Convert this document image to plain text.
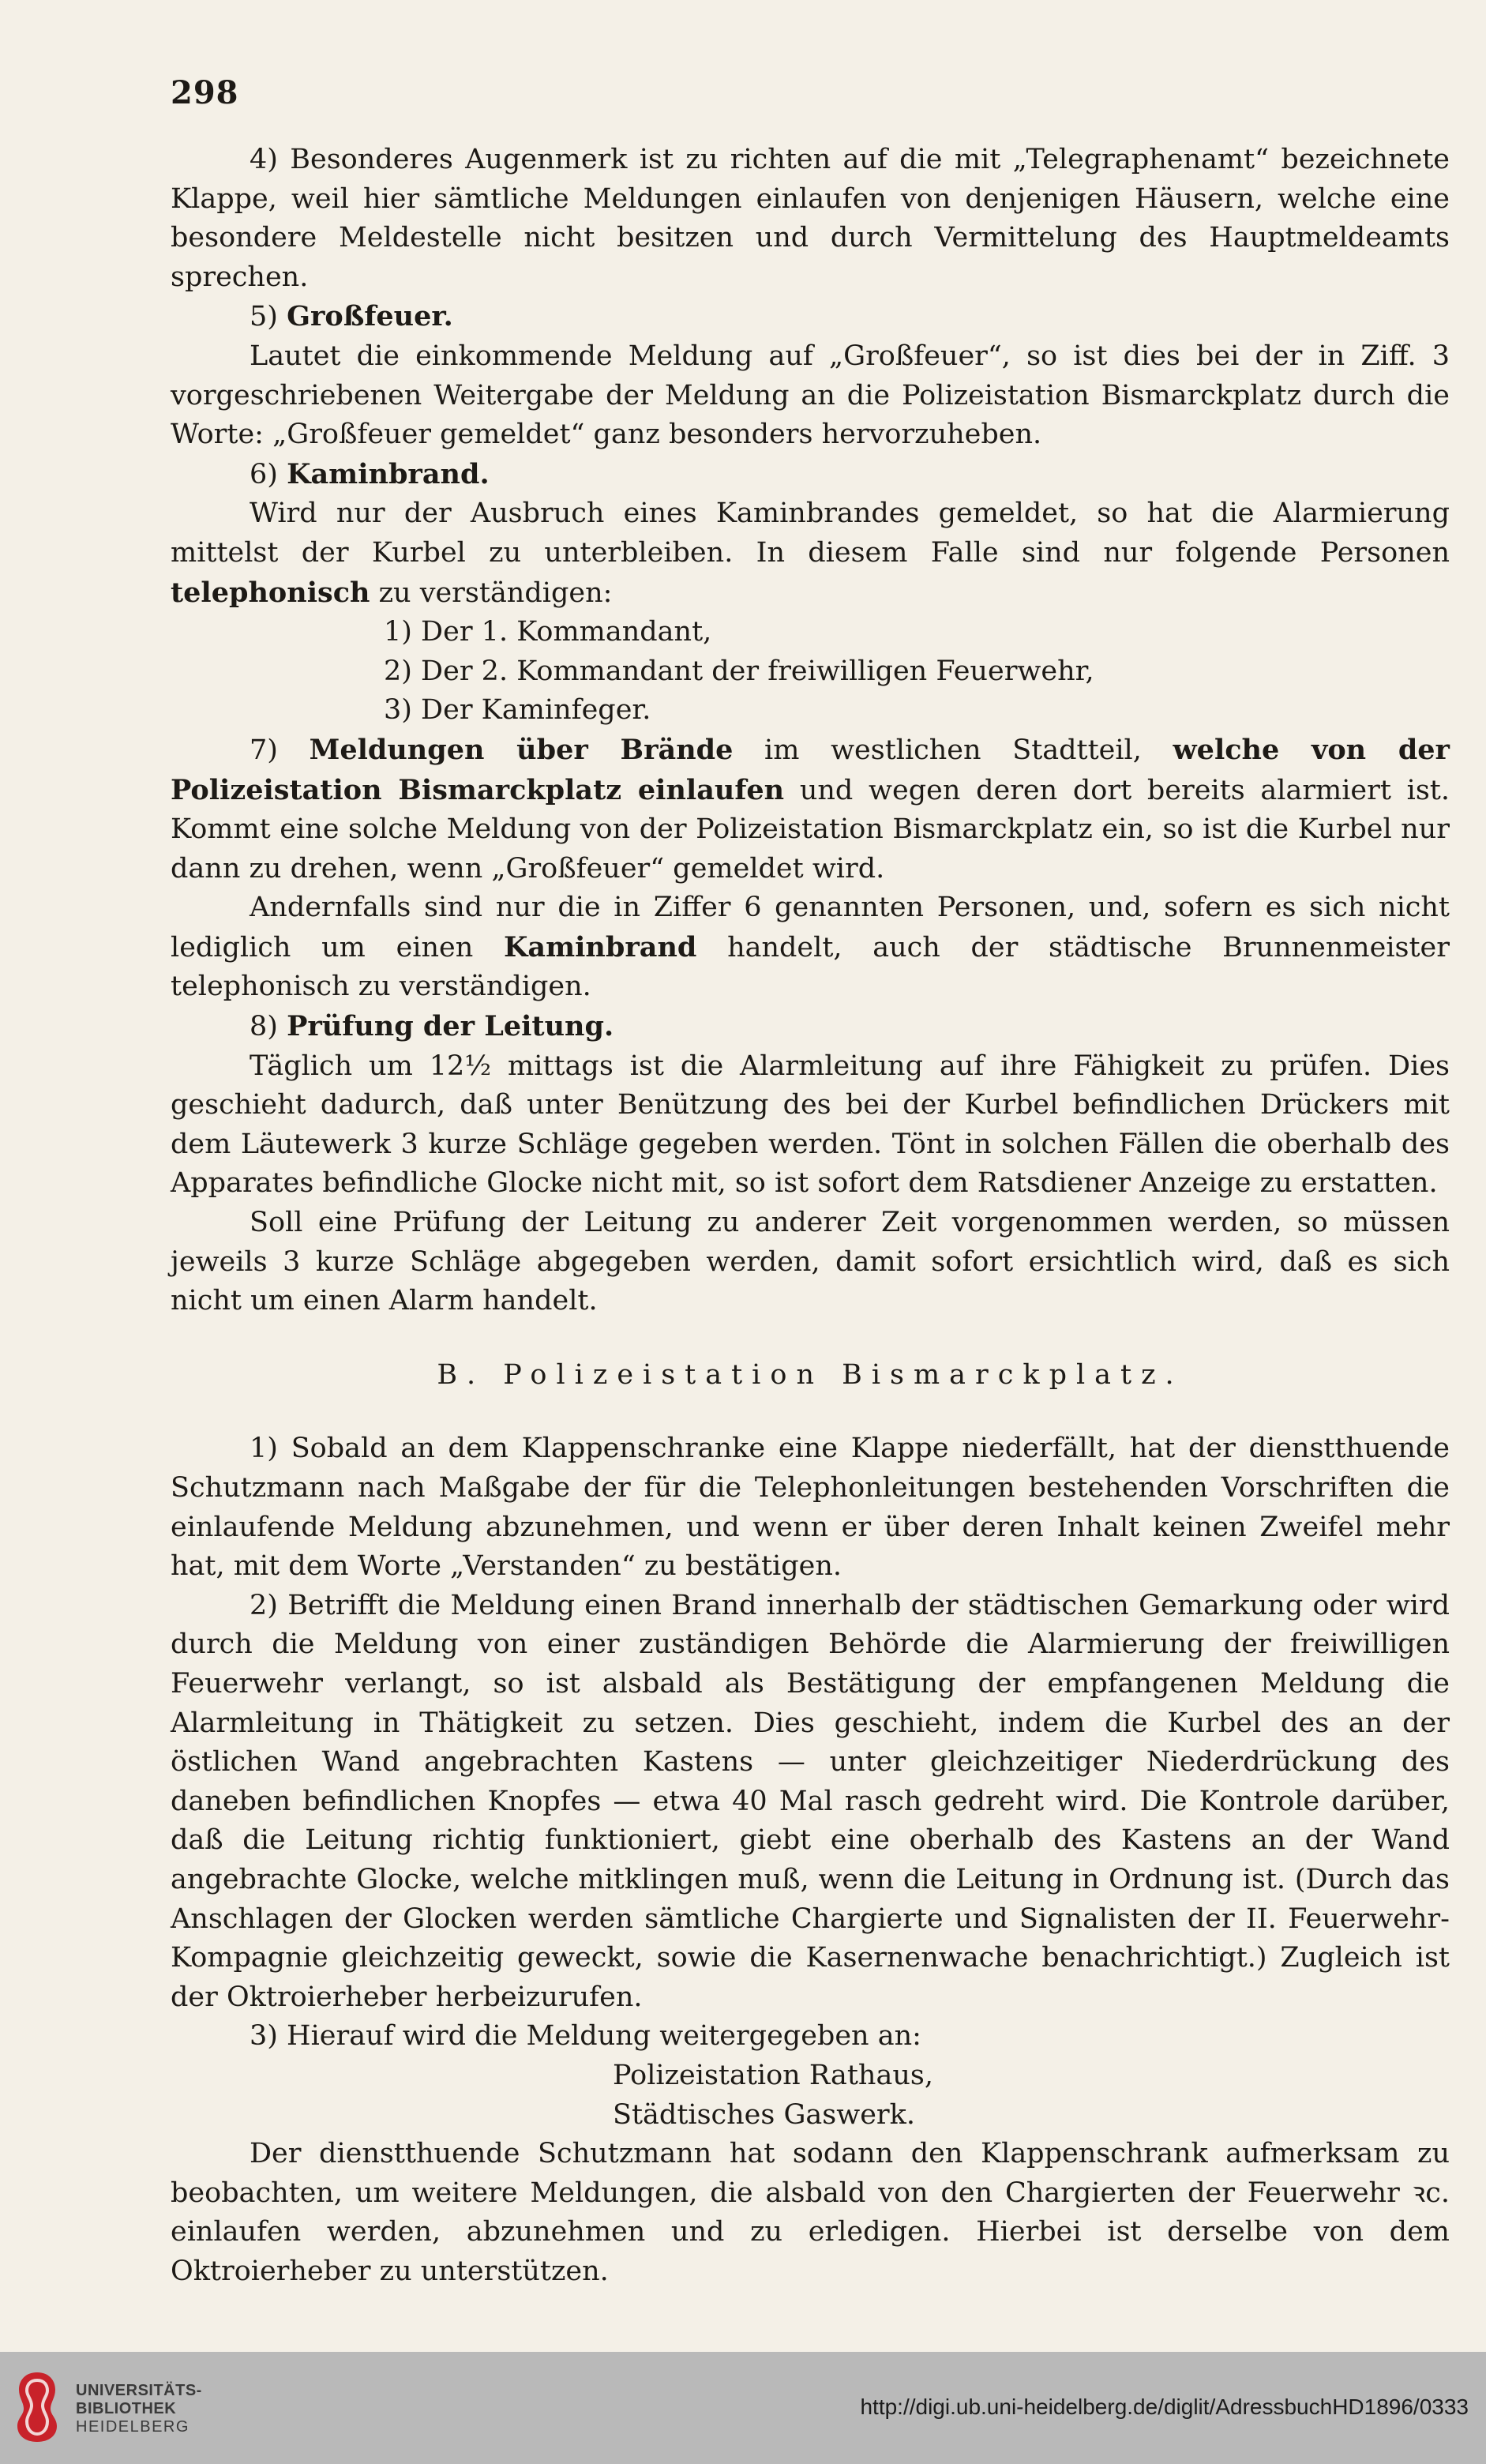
298

4) Besonderes Augenmerk ist zu richten auf die mit „Telegraphenamt“ bezeichnete Klappe, weil hier sämtliche Meldungen einlaufen von denjenigen Häusern, welche eine besondere Meldestelle nicht besitzen und durch Vermittelung des Hauptmeldeamts sprechen.

5) Großfeuer.

Lautet die einkommende Meldung auf „Großfeuer“, so ist dies bei der in Ziff. 3 vorgeschriebenen Weitergabe der Meldung an die Polizeistation Bismarckplatz durch die Worte: „Großfeuer gemeldet“ ganz besonders hervorzuheben.

6) Kaminbrand.

Wird nur der Ausbruch eines Kaminbrandes gemeldet, so hat die Alarmierung mittelst der Kurbel zu unterbleiben. In diesem Falle sind nur folgende Personen telephonisch zu verständigen:

1) Der 1. Kommandant,
2) Der 2. Kommandant der freiwilligen Feuerwehr,
3) Der Kaminfeger.

7) Meldungen über Brände im westlichen Stadtteil, welche von der Polizeistation Bismarckplatz einlaufen und wegen deren dort bereits alarmiert ist. Kommt eine solche Meldung von der Polizeistation Bismarckplatz ein, so ist die Kurbel nur dann zu drehen, wenn „Großfeuer“ gemeldet wird.

Andernfalls sind nur die in Ziffer 6 genannten Personen, und, sofern es sich nicht lediglich um einen Kaminbrand handelt, auch der städtische Brunnenmeister telephonisch zu verständigen.

8) Prüfung der Leitung.

Täglich um 12½ mittags ist die Alarmleitung auf ihre Fähigkeit zu prüfen. Dies geschieht dadurch, daß unter Benützung des bei der Kurbel befindlichen Drückers mit dem Läutewerk 3 kurze Schläge gegeben werden. Tönt in solchen Fällen die oberhalb des Apparates befindliche Glocke nicht mit, so ist sofort dem Ratsdiener Anzeige zu erstatten.

Soll eine Prüfung der Leitung zu anderer Zeit vorgenommen werden, so müssen jeweils 3 kurze Schläge abgegeben werden, damit sofort ersichtlich wird, daß es sich nicht um einen Alarm handelt.

B. Polizeistation Bismarckplatz.

1) Sobald an dem Klappenschranke eine Klappe niederfällt, hat der dienstthuende Schutzmann nach Maßgabe der für die Telephonleitungen bestehenden Vorschriften die einlaufende Meldung abzunehmen, und wenn er über deren Inhalt keinen Zweifel mehr hat, mit dem Worte „Verstanden“ zu bestätigen.

2) Betrifft die Meldung einen Brand innerhalb der städtischen Gemarkung oder wird durch die Meldung von einer zuständigen Behörde die Alarmierung der freiwilligen Feuerwehr verlangt, so ist alsbald als Bestätigung der empfangenen Meldung die Alarmleitung in Thätigkeit zu setzen. Dies geschieht, indem die Kurbel des an der östlichen Wand angebrachten Kastens — unter gleichzeitiger Niederdrückung des daneben befindlichen Knopfes — etwa 40 Mal rasch gedreht wird. Die Kontrole darüber, daß die Leitung richtig funktioniert, giebt eine oberhalb des Kastens an der Wand angebrachte Glocke, welche mitklingen muß, wenn die Leitung in Ordnung ist. (Durch das Anschlagen der Glocken werden sämtliche Chargierte und Signalisten der II. Feuerwehr-Kompagnie gleichzeitig geweckt, sowie die Kasernenwache benachrichtigt.) Zugleich ist der Oktroierheber herbeizurufen.

3) Hierauf wird die Meldung weitergegeben an:

Polizeistation Rathaus,
Städtisches Gaswerk.

Der dienstthuende Schutzmann hat sodann den Klappenschrank aufmerksam zu beobachten, um weitere Meldungen, die alsbald von den Chargierten der Feuerwehr ꝛc. einlaufen werden, abzunehmen und zu erledigen. Hierbei ist derselbe von dem Oktroierheber zu unterstützen.

UNIVERSITÄTS-
BIBLIOTHEK
HEIDELBERG
http://digi.ub.uni-heidelberg.de/diglit/AdressbuchHD1896/0333
